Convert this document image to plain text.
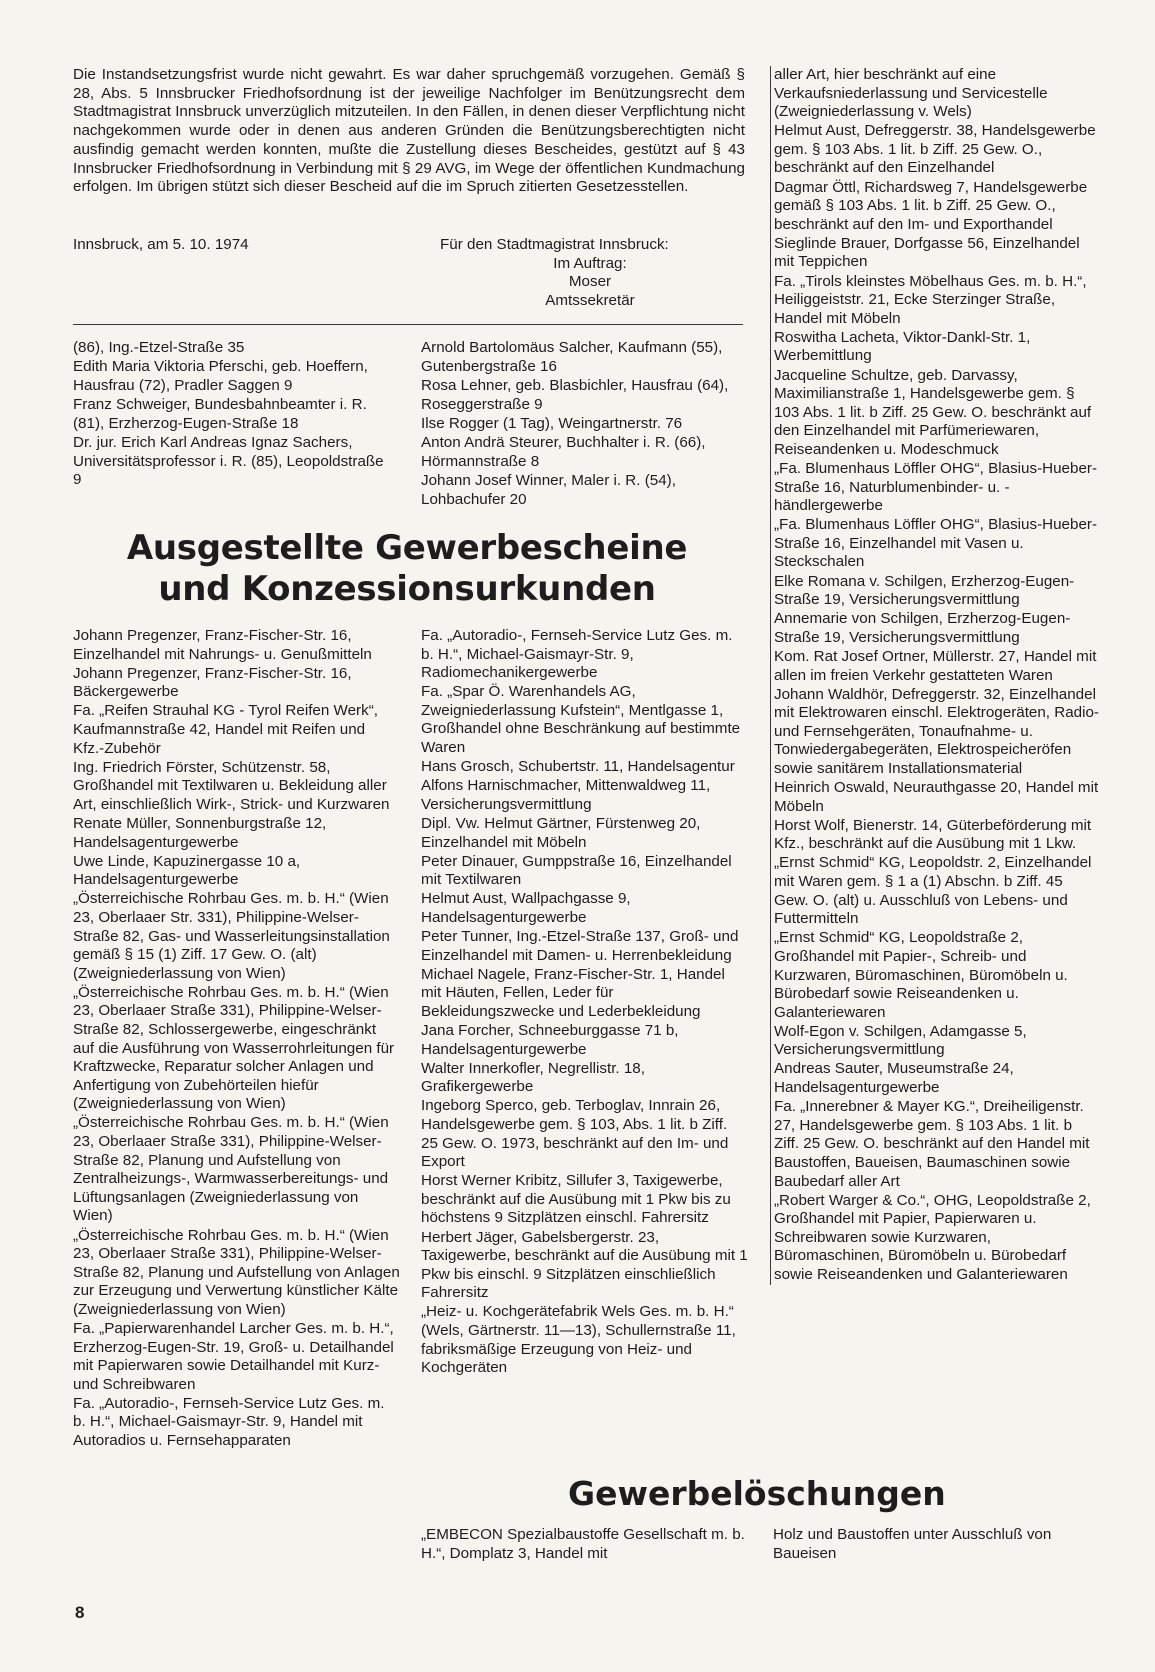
Die Instandsetzungsfrist wurde nicht gewahrt. Es war daher spruchgemäß vorzugehen. Gemäß § 28, Abs. 5 Innsbrucker Friedhofsordnung ist der jeweilige Nachfolger im Benützungsrecht dem Stadtmagistrat Innsbruck unverzüglich mitzuteilen. In den Fällen, in denen dieser Verpflichtung nicht nachgekommen wurde oder in denen aus anderen Gründen die Benützungsberechtigten nicht ausfindig gemacht werden konnten, mußte die Zustellung dieses Bescheides, gestützt auf § 43 Innsbrucker Friedhofsordnung in Verbindung mit § 29 AVG, im Wege der öffentlichen Kundmachung erfolgen. Im übrigen stützt sich dieser Bescheid auf die im Spruch zitierten Gesetzesstellen.
Innsbruck, am 5. 10. 1974	Für den Stadtmagistrat Innsbruck:
Im Auftrag:
Moser
Amtssekretär
(86), Ing.-Etzel-Straße 35
Edith Maria Viktoria Pferschi, geb. Hoeffern, Hausfrau (72), Pradler Saggen 9
Franz Schweiger, Bundesbahnbeamter i. R. (81), Erzherzog-Eugen-Straße 18
Dr. jur. Erich Karl Andreas Ignaz Sachers, Universitätsprofessor i. R. (85), Leopoldstraße 9
Arnold Bartolomäus Salcher, Kaufmann (55), Gutenbergstraße 16
Rosa Lehner, geb. Blasbichler, Hausfrau (64), Roseggerstraße 9
Ilse Rogger (1 Tag), Weingartnerstr. 76
Anton Andrä Steurer, Buchhalter i. R. (66), Hörmannstraße 8
Johann Josef Winner, Maler i. R. (54), Lohbachufer 20
Ausgestellte Gewerbescheine
und Konzessionsurkunden
Johann Pregenzer, Franz-Fischer-Str. 16, Einzelhandel mit Nahrungs- u. Genußmitteln
Johann Pregenzer, Franz-Fischer-Str. 16, Bäckergewerbe
Fa. „Reifen Strauhal KG - Tyrol Reifen Werk“, Kaufmannstraße 42, Handel mit Reifen und Kfz.-Zubehör
Ing. Friedrich Förster, Schützenstr. 58, Großhandel mit Textilwaren u. Bekleidung aller Art, einschließlich Wirk-, Strick- und Kurzwaren
Renate Müller, Sonnenburgstraße 12, Handelsagenturgewerbe
Uwe Linde, Kapuzinergasse 10 a, Handelsagenturgewerbe
„Österreichische Rohrbau Ges. m. b. H.“ (Wien 23, Oberlaaer Str. 331), Philippine-Welser-Straße 82, Gas- und Wasserleitungsinstallation gemäß § 15 (1) Ziff. 17 Gew. O. (alt) (Zweigniederlassung von Wien)
„Österreichische Rohrbau Ges. m. b. H.“ (Wien 23, Oberlaaer Straße 331), Philippine-Welser-Straße 82, Schlossergewerbe, eingeschränkt auf die Ausführung von Wasserrohrleitungen für Kraftzwecke, Reparatur solcher Anlagen und Anfertigung von Zubehörteilen hiefür (Zweigniederlassung von Wien)
„Österreichische Rohrbau Ges. m. b. H.“ (Wien 23, Oberlaaer Straße 331), Philippine-Welser-Straße 82, Planung und Aufstellung von Zentralheizungs-, Warmwasserbereitungs- und Lüftungsanlagen (Zweigniederlassung von Wien)
„Österreichische Rohrbau Ges. m. b. H.“ (Wien 23, Oberlaaer Straße 331), Philippine-Welser-Straße 82, Planung und Aufstellung von Anlagen zur Erzeugung und Verwertung künstlicher Kälte (Zweigniederlassung von Wien)
Fa. „Papierwarenhandel Larcher Ges. m. b. H.“, Erzherzog-Eugen-Str. 19, Groß- u. Detailhandel mit Papierwaren sowie Detailhandel mit Kurz- und Schreibwaren
Fa. „Autoradio-, Fernseh-Service Lutz Ges. m. b. H.“, Michael-Gaismayr-Str. 9, Handel mit Autoradios u. Fernsehapparaten
Fa. „Autoradio-, Fernseh-Service Lutz Ges. m. b. H.“, Michael-Gaismayr-Str. 9, Radiomechanikergewerbe
Fa. „Spar Ö. Warenhandels AG, Zweigniederlassung Kufstein“, Mentlgasse 1, Großhandel ohne Beschränkung auf bestimmte Waren
Hans Grosch, Schubertstr. 11, Handelsagentur
Alfons Harnischmacher, Mittenwaldweg 11, Versicherungsvermittlung
Dipl. Vw. Helmut Gärtner, Fürstenweg 20, Einzelhandel mit Möbeln
Peter Dinauer, Gumppstraße 16, Einzelhandel mit Textilwaren
Helmut Aust, Wallpachgasse 9, Handelsagenturgewerbe
Peter Tunner, Ing.-Etzel-Straße 137, Groß- und Einzelhandel mit Damen- u. Herrenbekleidung
Michael Nagele, Franz-Fischer-Str. 1, Handel mit Häuten, Fellen, Leder für Bekleidungszwecke und Lederbekleidung
Jana Forcher, Schneeburggasse 71 b, Handelsagenturgewerbe
Walter Innerkofler, Negrellistr. 18, Grafikergewerbe
Ingeborg Sperco, geb. Terboglav, Innrain 26, Handelsgewerbe gem. § 103, Abs. 1 lit. b Ziff. 25 Gew. O. 1973, beschränkt auf den Im- und Export
Horst Werner Kribitz, Sillufer 3, Taxigewerbe, beschränkt auf die Ausübung mit 1 Pkw bis zu höchstens 9 Sitzplätzen einschl. Fahrersitz
Herbert Jäger, Gabelsbergerstr. 23, Taxigewerbe, beschränkt auf die Ausübung mit 1 Pkw bis einschl. 9 Sitzplätzen einschließlich Fahrersitz
„Heiz- u. Kochgerätefabrik Wels Ges. m. b. H.“ (Wels, Gärtnerstr. 11—13), Schullernstraße 11, fabriksmäßige Erzeugung von Heiz- und Kochgeräten
aller Art, hier beschränkt auf eine Verkaufsniederlassung und Servicestelle (Zweigniederlassung v. Wels)
Helmut Aust, Defreggerstr. 38, Handelsgewerbe gem. § 103 Abs. 1 lit. b Ziff. 25 Gew. O., beschränkt auf den Einzelhandel
Dagmar Öttl, Richardsweg 7, Handelsgewerbe gemäß § 103 Abs. 1 lit. b Ziff. 25 Gew. O., beschränkt auf den Im- und Exporthandel
Sieglinde Brauer, Dorfgasse 56, Einzelhandel mit Teppichen
Fa. „Tirols kleinstes Möbelhaus Ges. m. b. H.“, Heiliggeiststr. 21, Ecke Sterzinger Straße, Handel mit Möbeln
Roswitha Lacheta, Viktor-Dankl-Str. 1, Werbemittlung
Jacqueline Schultze, geb. Darvassy, Maximilianstraße 1, Handelsgewerbe gem. § 103 Abs. 1 lit. b Ziff. 25 Gew. O. beschränkt auf den Einzelhandel mit Parfümeriewaren, Reiseandenken u. Modeschmuck
„Fa. Blumenhaus Löffler OHG“, Blasius-Hueber-Straße 16, Naturblumenbinder- u. -händlergewerbe
„Fa. Blumenhaus Löffler OHG“, Blasius-Hueber-Straße 16, Einzelhandel mit Vasen u. Steckschalen
Elke Romana v. Schilgen, Erzherzog-Eugen-Straße 19, Versicherungsvermittlung
Annemarie von Schilgen, Erzherzog-Eugen-Straße 19, Versicherungsvermittlung
Kom. Rat Josef Ortner, Müllerstr. 27, Handel mit allen im freien Verkehr gestatteten Waren
Johann Waldhör, Defreggerstr. 32, Einzelhandel mit Elektrowaren einschl. Elektrogeräten, Radio- und Fernsehgeräten, Tonaufnahme- u. Tonwiedergabegeräten, Elektrospeicheröfen sowie sanitärem Installationsmaterial
Heinrich Oswald, Neurauthgasse 20, Handel mit Möbeln
Horst Wolf, Bienerstr. 14, Güterbeförderung mit Kfz., beschränkt auf die Ausübung mit 1 Lkw.
„Ernst Schmid“ KG, Leopoldstr. 2, Einzelhandel mit Waren gem. § 1 a (1) Abschn. b Ziff. 45 Gew. O. (alt) u. Ausschluß von Lebens- und Futtermitteln
„Ernst Schmid“ KG, Leopoldstraße 2, Großhandel mit Papier-, Schreib- und Kurzwaren, Büromaschinen, Büromöbeln u. Bürobedarf sowie Reiseandenken u. Galanteriewaren
Wolf-Egon v. Schilgen, Adamgasse 5, Versicherungsvermittlung
Andreas Sauter, Museumstraße 24, Handelsagenturgewerbe
Fa. „Innerebner & Mayer KG.“, Dreiheiligenstr. 27, Handelsgewerbe gem. § 103 Abs. 1 lit. b Ziff. 25 Gew. O. beschränkt auf den Handel mit Baustoffen, Baueisen, Baumaschinen sowie Baubedarf aller Art
„Robert Warger & Co.“, OHG, Leopoldstraße 2, Großhandel mit Papier, Papierwaren u. Schreibwaren sowie Kurzwaren, Büromaschinen, Büromöbeln u. Bürobedarf sowie Reiseandenken und Galanteriewaren
Gewerbelöschungen
„EMBECON Spezialbaustoffe Gesellschaft m. b. H.“, Domplatz 3, Handel mit
Holz und Baustoffen unter Ausschluß von Baueisen
8
